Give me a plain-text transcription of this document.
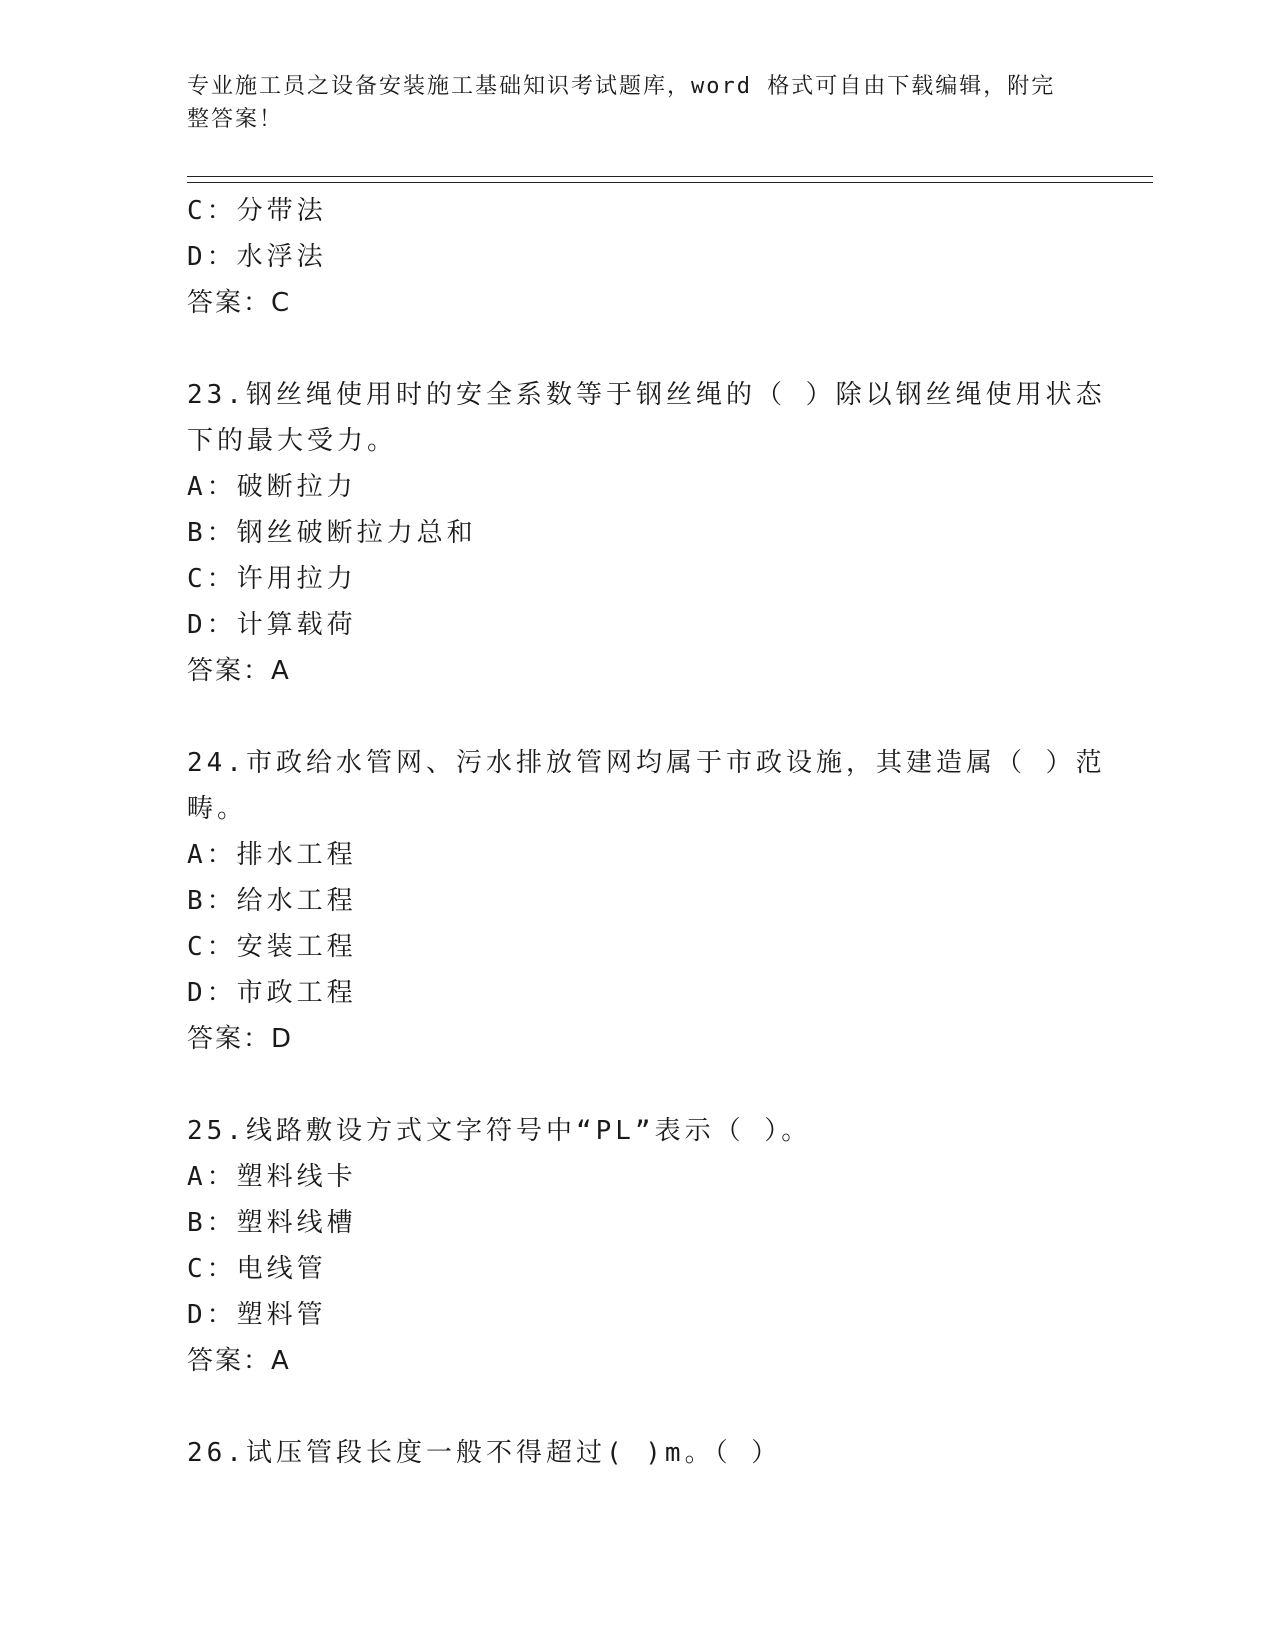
专业施工员之设备安装施工基础知识考试题库，word 格式可自由下载编辑，附完
整答案！
C：分带法
D：水浮法
答案：C
23.钢丝绳使用时的安全系数等于钢丝绳的（ ）除以钢丝绳使用状态
下的最大受力。
A：破断拉力
B：钢丝破断拉力总和
C：许用拉力
D：计算载荷
答案：A
24.市政给水管网、污水排放管网均属于市政设施，其建造属（ ）范
畴。
A：排水工程
B：给水工程
C：安装工程
D：市政工程
答案：D
25.线路敷设方式文字符号中“PL”表示（ ）。
A：塑料线卡
B：塑料线槽
C：电线管
D：塑料管
答案：A
26.试压管段长度一般不得超过( )m。（ ）
